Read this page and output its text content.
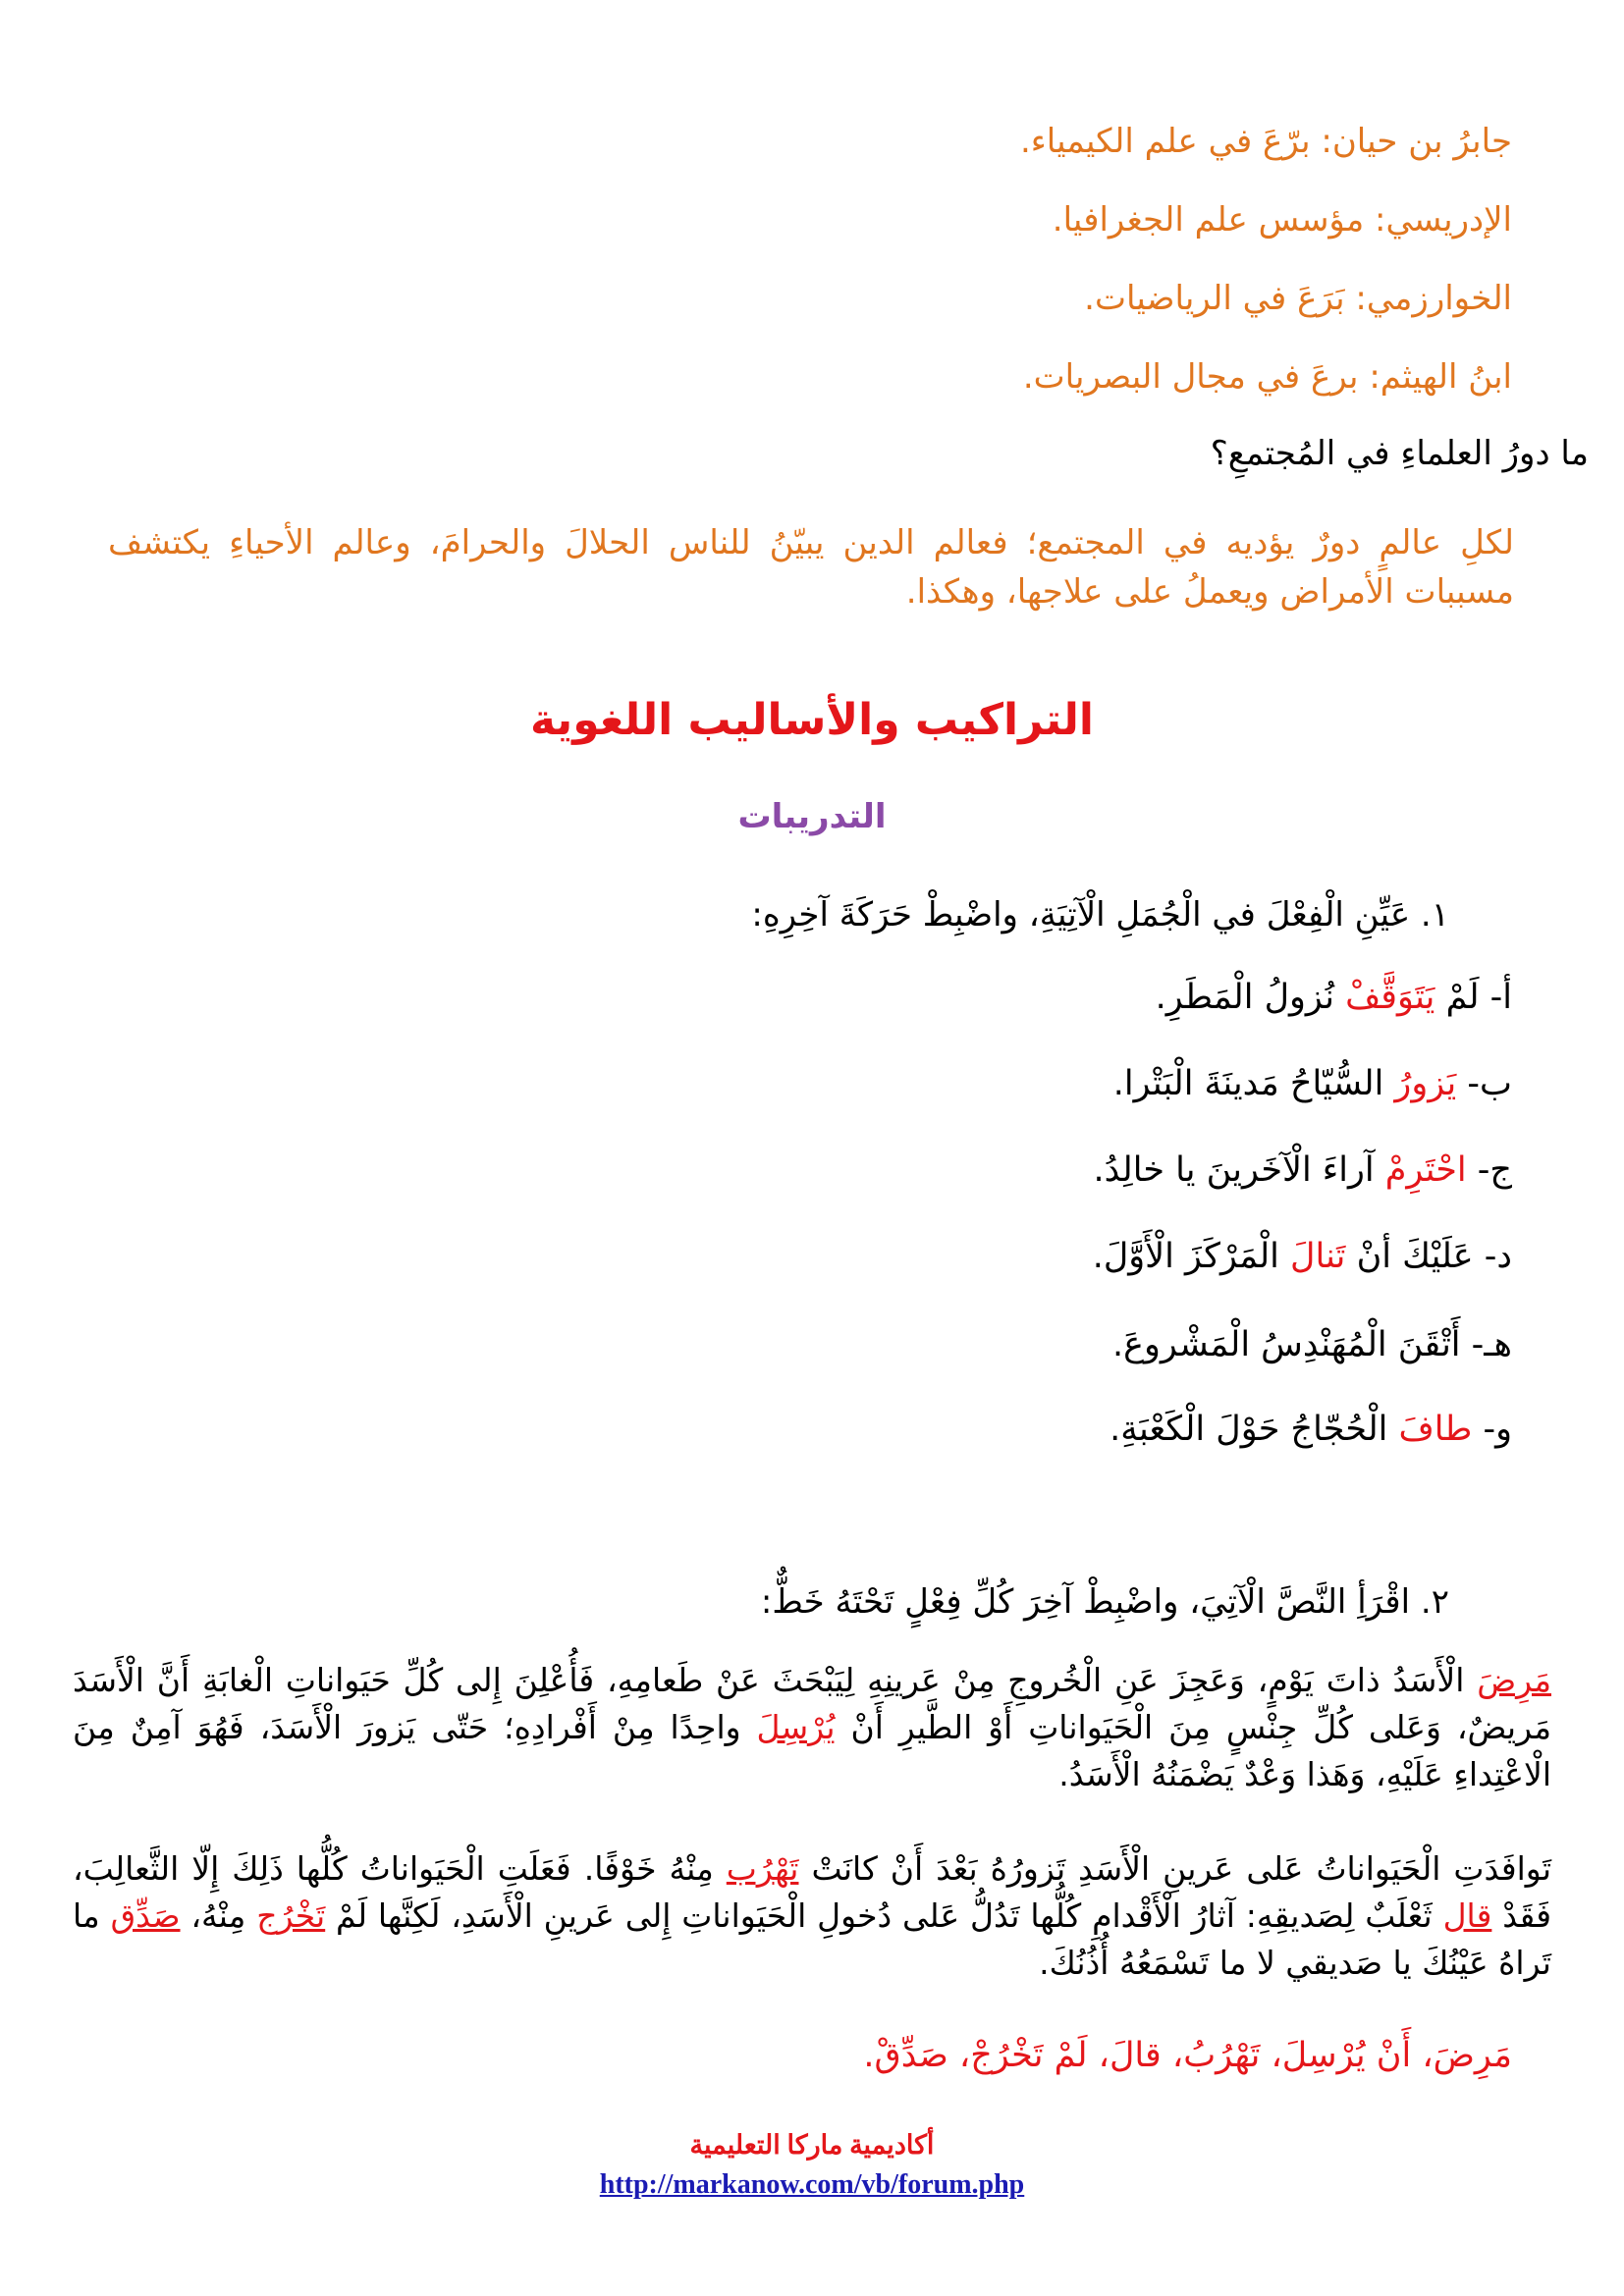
جابرُ بن حيان: برّعَ في علم الكيمياء.
الإدريسي: مؤسس علم الجغرافيا.
الخوارزمي: بَرَعَ في الرياضيات.
ابنُ الهيثم: برعَ في مجال البصريات.
ما دورُ العلماءِ في المُجتمعِ؟
لكلِ عالمٍ دورٌ يؤديه في المجتمع؛ فعالم الدين يبيّنُ للناس الحلالَ والحرامَ، وعالم الأحياءِ يكتشف مسببات الأمراض ويعملُ على علاجها، وهكذا.
التراكيب والأساليب اللغوية
التدريبات
١. عَيِّنِ الْفِعْلَ في الْجُمَلِ الْآتِيَةِ، واضْبِطْ حَرَكَةَ آخِرِهِ:
أ- لَمْ يَتَوَقَّفْ نُزولُ الْمَطَرِ.
ب- يَزورُ السُّيّاحُ مَدينَةَ الْبَتْرا.
ج- احْتَرِمْ آراءَ الْآخَرينَ يا خالِدُ.
د- عَلَيْكَ أنْ تَنالَ الْمَرْكَزَ الْأَوَّلَ.
هـ- أَتْقَنَ الْمُهَنْدِسُ الْمَشْروعَ.
و- طافَ الْحُجّاجُ حَوْلَ الْكَعْبَةِ.
٢. اقْرَأِ النَّصَّ الْآتِيَ، واضْبِطْ آخِرَ كُلِّ فِعْلٍ تَحْتَهُ خَطٌّ:
مَرِضَ الْأَسَدُ ذاتَ يَوْمٍ، وَعَجِزَ عَنِ الْخُروجِ مِنْ عَرينِهِ لِيَبْحَثَ عَنْ طَعامِهِ، فَأُعْلِنَ إِلى كُلِّ حَيَواناتِ الْغابَةِ أَنَّ الْأَسَدَ مَريضٌ، وَعَلى كُلِّ جِنْسٍ مِنَ الْحَيَواناتِ أَوْ الطَّيرِ أَنْ يُرْسِلَ واحِدًا مِنْ أَفْرادِهِ؛ حَتّى يَزورَ الْأَسَدَ، فَهُوَ آمِنٌ مِنَ الْاعْتِداءِ عَلَيْهِ، وَهَذا وَعْدٌ يَضْمَنُهُ الْأَسَدُ.
تَوافَدَتِ الْحَيَواناتُ عَلى عَرينِ الْأَسَدِ تَزورُهُ بَعْدَ أَنْ كانَتْ تَهْرُب مِنْهُ خَوْفًا. فَعَلَتِ الْحَيَواناتُ كُلُّها ذَلِكَ إِلّا الثَّعالِبَ، فَقَدْ قال ثَعْلَبٌ لِصَديقِهِ: آثارُ الْأَقْدامِ كُلُّها تَدُلُّ عَلى دُخولِ الْحَيَواناتِ إِلى عَرينِ الْأَسَدِ، لَكِنَّها لَمْ تَخْرُج مِنْهُ، صَدِّق ما تَراهُ عَيْنُكَ يا صَديقي لا ما تَسْمَعُهُ أُذُنُكَ.
مَرِضَ، أَنْ يُرْسِلَ، تَهْرُبُ، قالَ، لَمْ تَخْرُجْ، صَدِّقْ.
أكاديمية ماركا التعليمية
http://markanow.com/vb/forum.php
